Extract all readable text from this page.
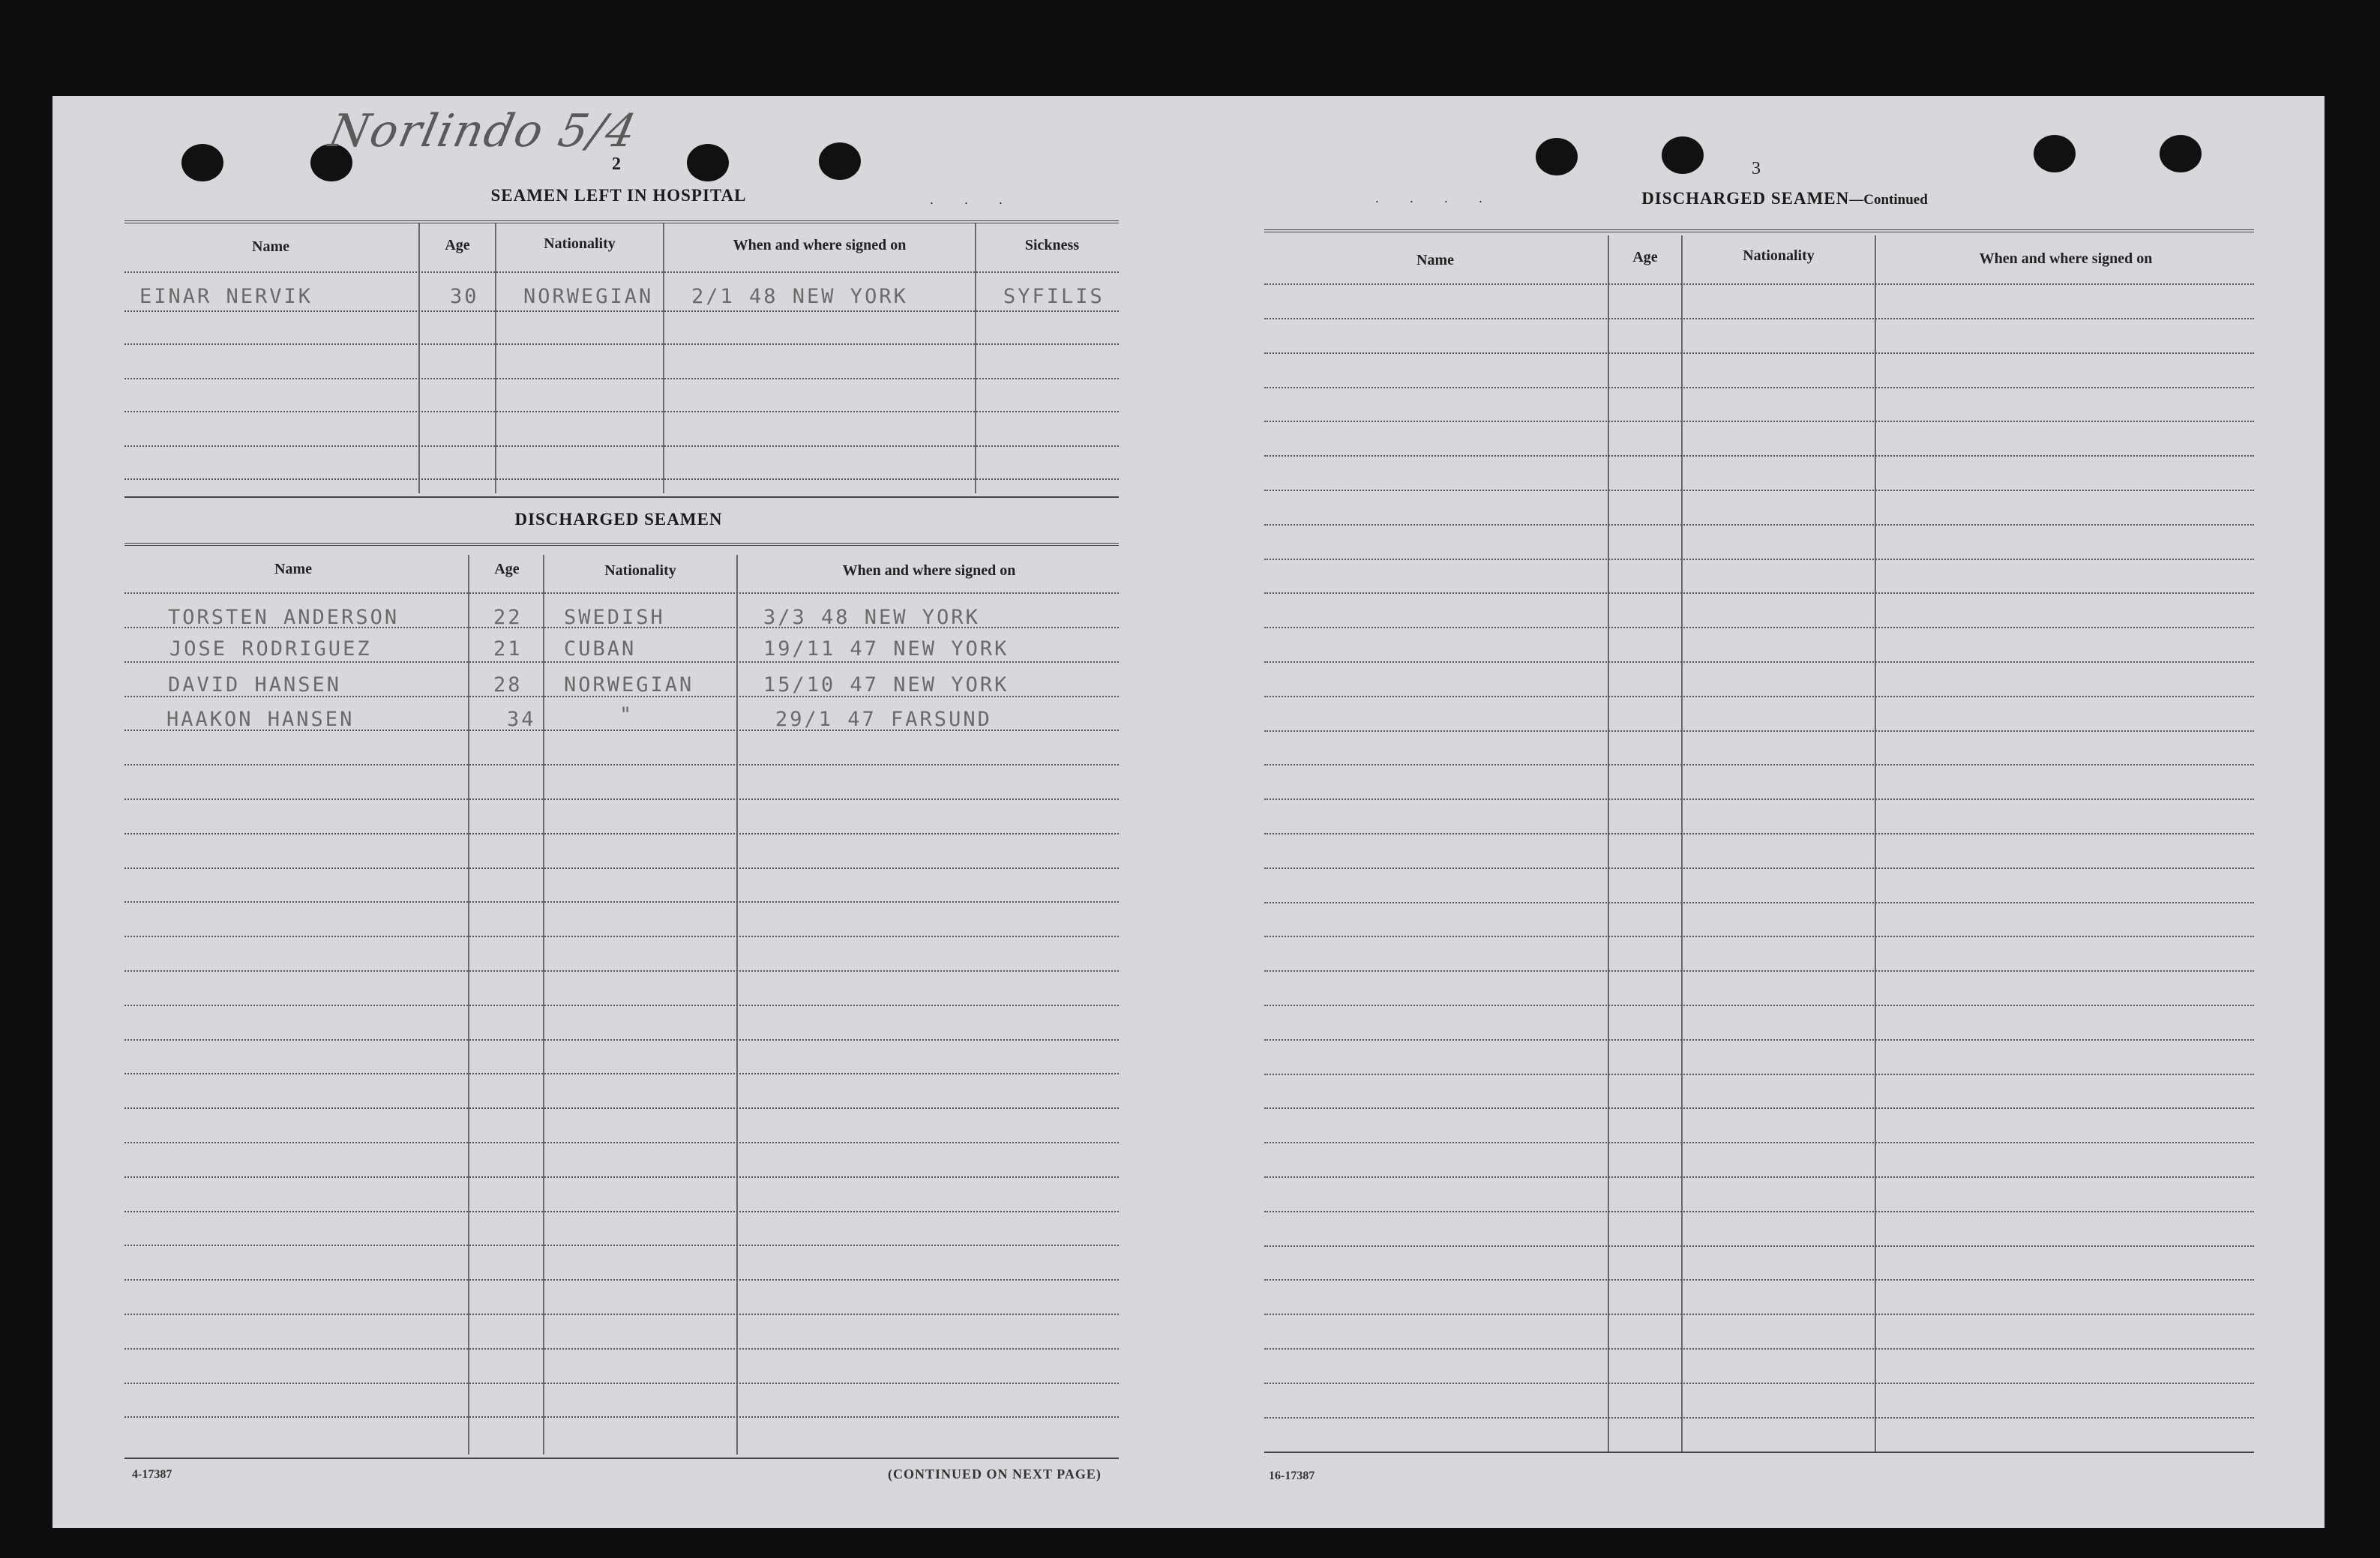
Norlindo 5/4
2
SEAMEN LEFT IN HOSPITAL	. . .
Name	Age	Nationality	When and where signed on	Sickness
EINAR NERVIK	30 NORWEGIAN 2/1 48 NEW YORK	SYFILIS
DISCHARGED SEAMEN
Name	Age	Nationality	When and where signed on
TORSTEN ANDERSON	22 SWEDISH	3/3 48 NEW YORK
JOSE RODRIGUEZ	21 CUBAN	19/11 47 NEW YORK
DAVID HANSEN	28 NORWEGIAN	15/10 47 NEW YORK
HAAKON HANSEN	34	"	29/1 47 FARSUND
4-17387	(CONTINUED ON NEXT PAGE)
3
. . . .	DISCHARGED SEAMEN—Continued
Name	Age	Nationality	When and where signed on
16-17387
